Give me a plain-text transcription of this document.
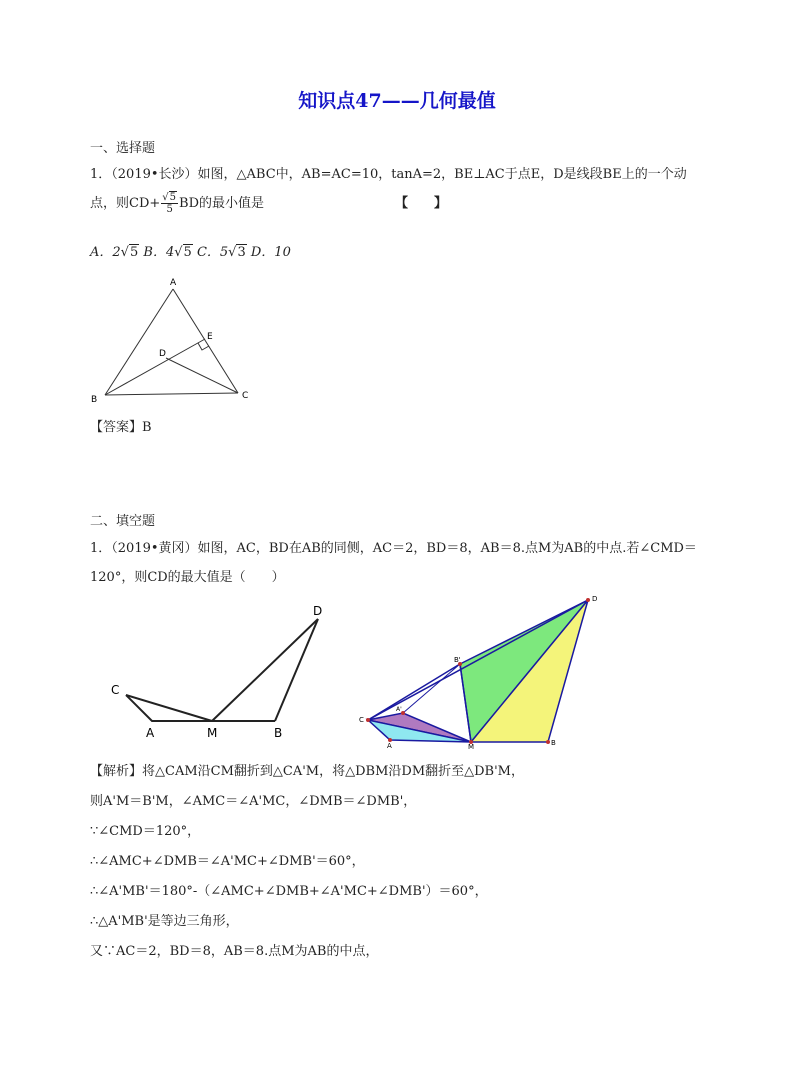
知识点47——几何最值
一、选择题
1．（2019•长沙）如图，△ABC中，AB=AC=10，tanA=2，BE⊥AC于点E，D是线段BE上的一个动
点，则$CD+ \frac{√5}{5}$ BD的最小值是	【　　】
A．2√5 B．4√5 C．5√3 D．10
A
B	C
D
E
【答案】B
二、填空题
1．（2019•黄冈）如图，AC，BD在AB的同侧，AC＝2，BD＝8，AB＝8.点M为AB的中点.若∠CMD＝
120°，则CD的最大值是（　　）
C
A	M	B
D
D
B'
C
A'
A	M	B
【解析】将△CAM沿CM翻折到△CA'M，将△DBM沿DM翻折至△DB'M，
则A'M＝B'M，∠AMC＝∠A'MC，∠DMB＝∠DMB'，
∵∠CMD＝120°，
∴∠AMC+∠DMB＝∠A'MC+∠DMB'＝60°，
∴∠A'MB'＝180°-（∠AMC+∠DMB+∠A'MC+∠DMB'）＝60°，
∴△A'MB'是等边三角形，
又∵AC＝2，BD＝8，AB＝8.点M为AB的中点，
